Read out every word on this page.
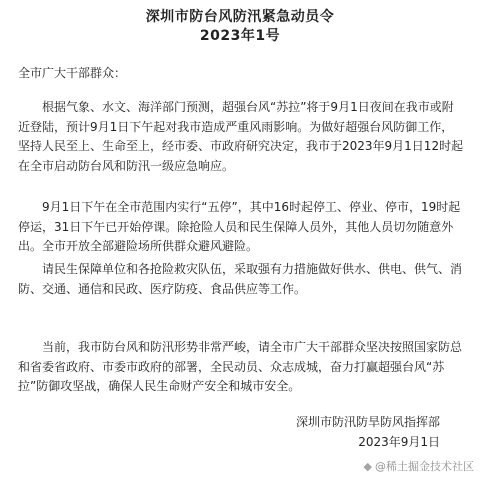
深圳市防台风防汛紧急动员令
2023年1号
全市广大干部群众：

根据气象、水文、海洋部门预测，超强台风“苏拉”将于9月1日夜间在我市或附近登陆，预计9月1日下午起对我市造成严重风雨影响。为做好超强台风防御工作，坚持人民至上、生命至上，经市委、市政府研究决定，我市于2023年9月1日12时起在全市启动防台风和防汛一级应急响应。

9月1日下午在全市范围内实行“五停”，其中16时起停工、停业、停市，19时起停运，31日下午已开始停课。除抢险人员和民生保障人员外，其他人员切勿随意外出。全市开放全部避险场所供群众避风避险。

请民生保障单位和各抢险救灾队伍，采取强有力措施做好供水、供电、供气、消防、交通、通信和民政、医疗防疫、食品供应等工作。

当前，我市防台风和防汛形势非常严峻，请全市广大干部群众坚决按照国家防总和省委省政府、市委市政府的部署，全民动员、众志成城，奋力打赢超强台风“苏拉”防御攻坚战，确保人民生命财产安全和城市安全。

深圳市防汛防旱防风指挥部
2023年9月1日
◆ @稀土掘金技术社区
